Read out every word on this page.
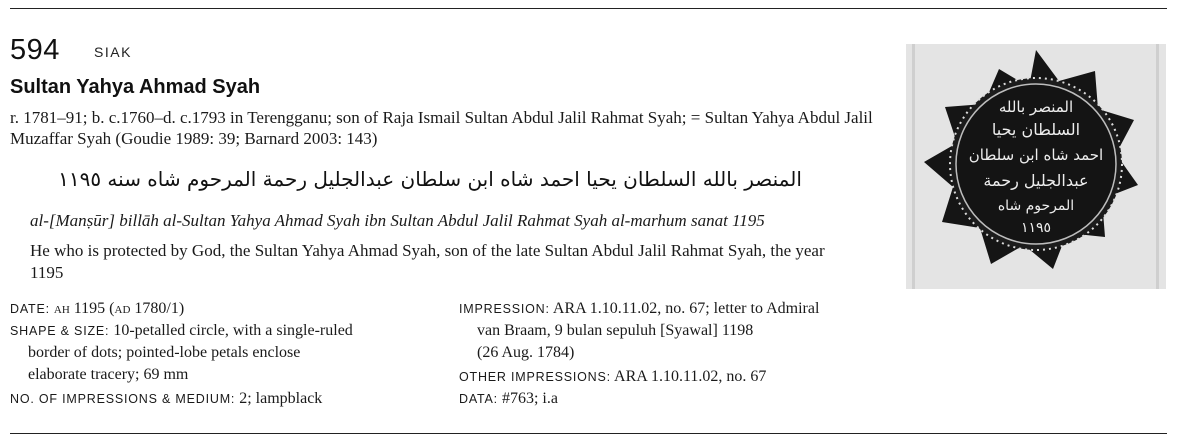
594 SIAK
Sultan Yahya Ahmad Syah
r. 1781–91; b. c.1760–d. c.1793 in Terengganu; son of Raja Ismail Sultan Abdul Jalil Rahmat Syah; = Sultan Yahya Abdul Jalil Muzaffar Syah (Goudie 1989: 39; Barnard 2003: 143)
المنصر بالله السلطان يحيا احمد شاه ابن سلطان عبدالجليل رحمة المرحوم شاه سنه ١١٩٥
al-[Manṣūr] billāh al-Sultan Yahya Ahmad Syah ibn Sultan Abdul Jalil Rahmat Syah al-marhum sanat 1195
He who is protected by God, the Sultan Yahya Ahmad Syah, son of the late Sultan Abdul Jalil Rahmat Syah, the year 1195
DATE: ah 1195 (ad 1780/1)
SHAPE & SIZE: 10-petalled circle, with a single-ruled
border of dots; pointed-lobe petals enclose
elaborate tracery; 69 mm
NO. OF IMPRESSIONS & MEDIUM: 2; lampblack
IMPRESSION: ARA 1.10.11.02, no. 67; letter to Admiral
van Braam, 9 bulan sepuluh [Syawal] 1198
(26 Aug. 1784)
OTHER IMPRESSIONS: ARA 1.10.11.02, no. 67
DATA: #763; i.a
المنصر بالله
السلطان يحيا
احمد شاه ابن سلطان
عبدالجليل رحمة
المرحوم شاه
١١٩٥
